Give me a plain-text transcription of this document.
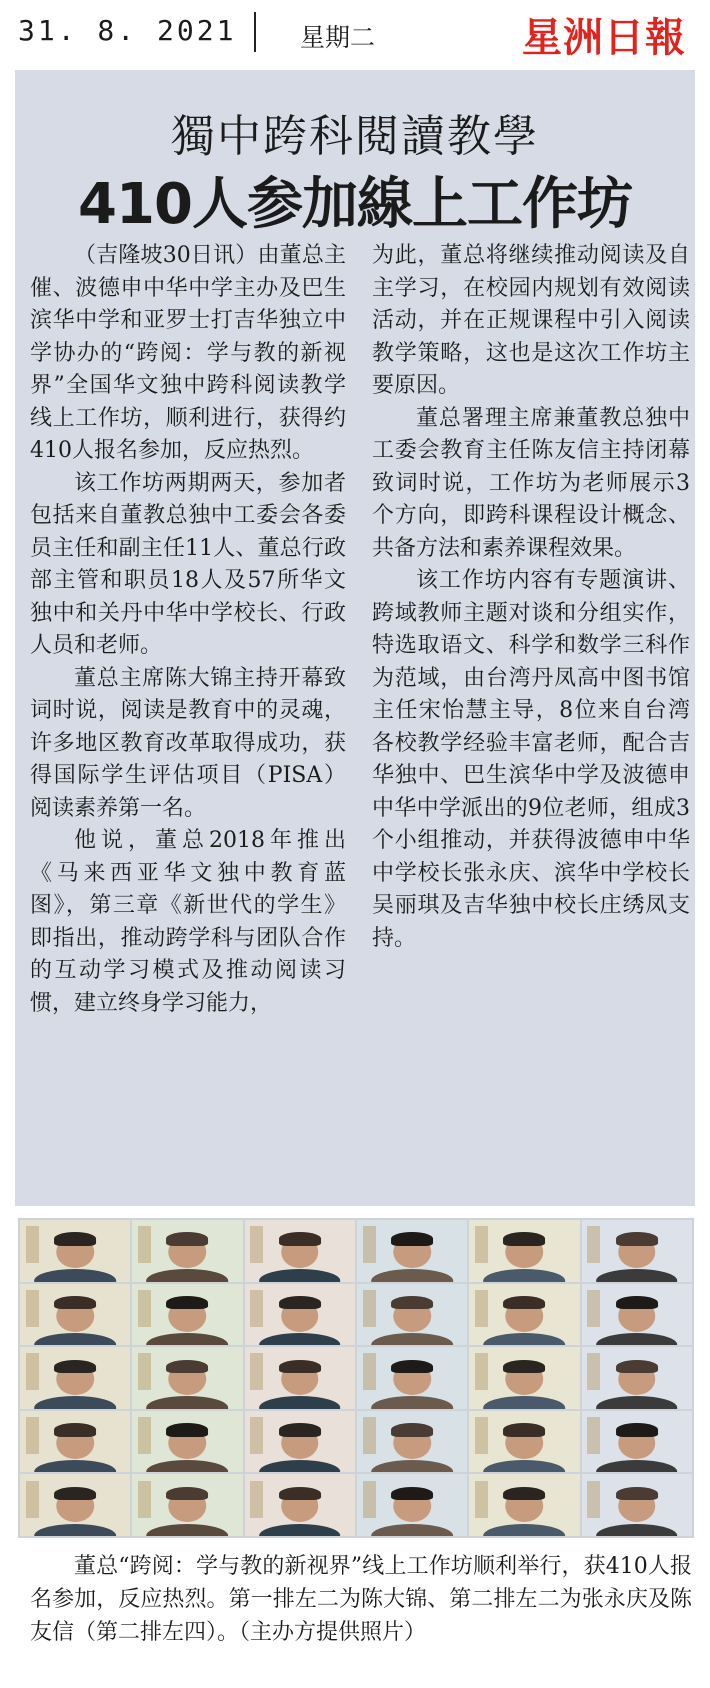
31. 8. 2021	星期二	星洲日報
獨中跨科閱讀教學
410人参加線上工作坊

（吉隆坡30日讯）由董总主催、波德申中华中学主办及巴生滨华中学和亚罗士打吉华独立中学协办的“跨阅：学与教的新视界”全国华文独中跨科阅读教学线上工作坊，顺利进行，获得约410人报名参加，反应热烈。

该工作坊两期两天，参加者包括来自董教总独中工委会各委员主任和副主任11人、董总行政部主管和职员18人及57所华文独中和关丹中华中学校长、行政人员和老师。

董总主席陈大锦主持开幕致词时说，阅读是教育中的灵魂，许多地区教育改革取得成功，获得国际学生评估项目（PISA）阅读素养第一名。

他说，董总2018年推出《马来西亚华文独中教育蓝图》，第三章《新世代的学生》即指出，推动跨学科与团队合作的互动学习模式及推动阅读习惯，建立终身学习能力，

为此，董总将继续推动阅读及自主学习，在校园内规划有效阅读活动，并在正规课程中引入阅读教学策略，这也是这次工作坊主要原因。

董总署理主席兼董教总独中工委会教育主任陈友信主持闭幕致词时说，工作坊为老师展示3个方向，即跨科课程设计概念、共备方法和素养课程效果。

该工作坊内容有专题演讲、跨域教师主题对谈和分组实作，特选取语文、科学和数学三科作为范域，由台湾丹凤高中图书馆主任宋怡慧主导，8位来自台湾各校教学经验丰富老师，配合吉华独中、巴生滨华中学及波德申中华中学派出的9位老师，组成3个小组推动，并获得波德申中华中学校长张永庆、滨华中学校长吴丽琪及吉华独中校长庄绣凤支持。

董总“跨阅：学与教的新视界”线上工作坊顺利举行，获410人报名参加，反应热烈。第一排左二为陈大锦、第二排左二为张永庆及陈友信（第二排左四）。（主办方提供照片）
